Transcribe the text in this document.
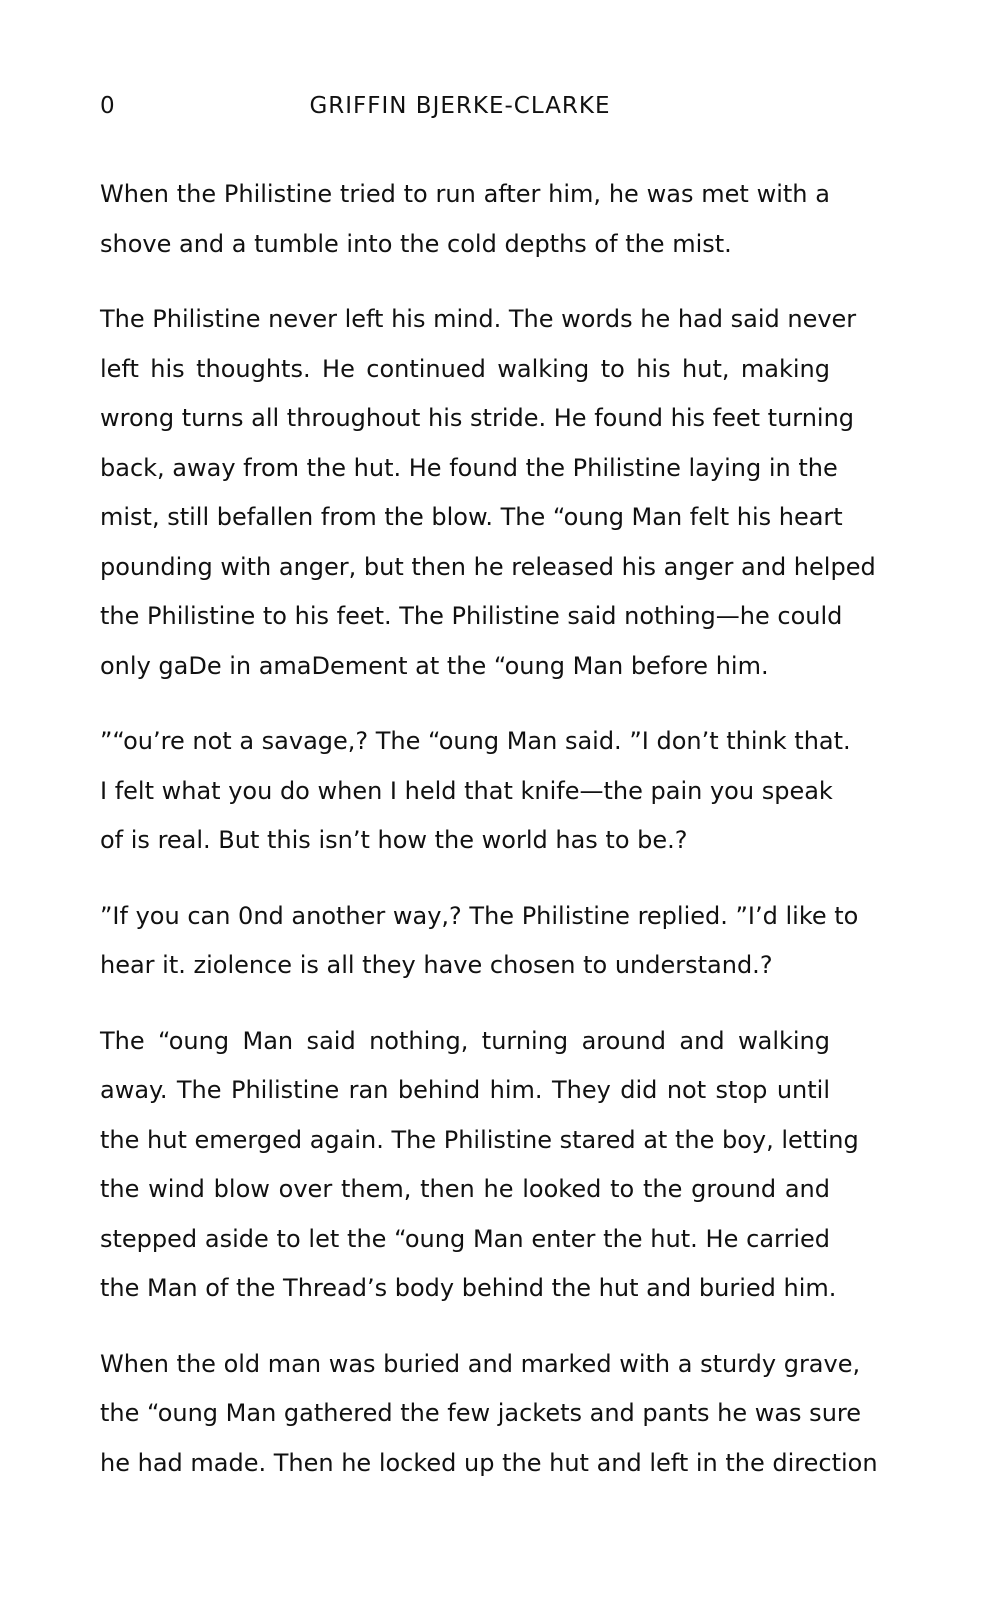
0	GRIFFIN BJERKE-CLARKE

When the Philistine tried to run after him, he was met with a
shove and a tumble into the cold depths of the mist.

The Philistine never left his mind. The words he had said never
left his thoughts. He continued walking to his hut, making
wrong turns all throughout his stride. He found his feet turning
back, away from the hut. He found the Philistine laying in the
mist, still befallen from the blow. The “oung Man felt his heart
pounding with anger, but then he released his anger and helped
the Philistine to his feet. The Philistine said nothing—he could
only gaDe in amaDement at the “oung Man before him.

”“ou’re not a savage,? The “oung Man said. ”I don’t think that.
I felt what you do when I held that knife—the pain you speak
of is real. But this isn’t how the world has to be.?

”If you can 0nd another way,? The Philistine replied. ”I’d like to
hear it. ziolence is all they have chosen to understand.?

The “oung Man said nothing, turning around and walking
away. The Philistine ran behind him. They did not stop until
the hut emerged again. The Philistine stared at the boy, letting
the wind blow over them, then he looked to the ground and
stepped aside to let the “oung Man enter the hut. He carried
the Man of the Thread’s body behind the hut and buried him.

When the old man was buried and marked with a sturdy grave,
the “oung Man gathered the few jackets and pants he was sure
he had made. Then he locked up the hut and left in the direction
